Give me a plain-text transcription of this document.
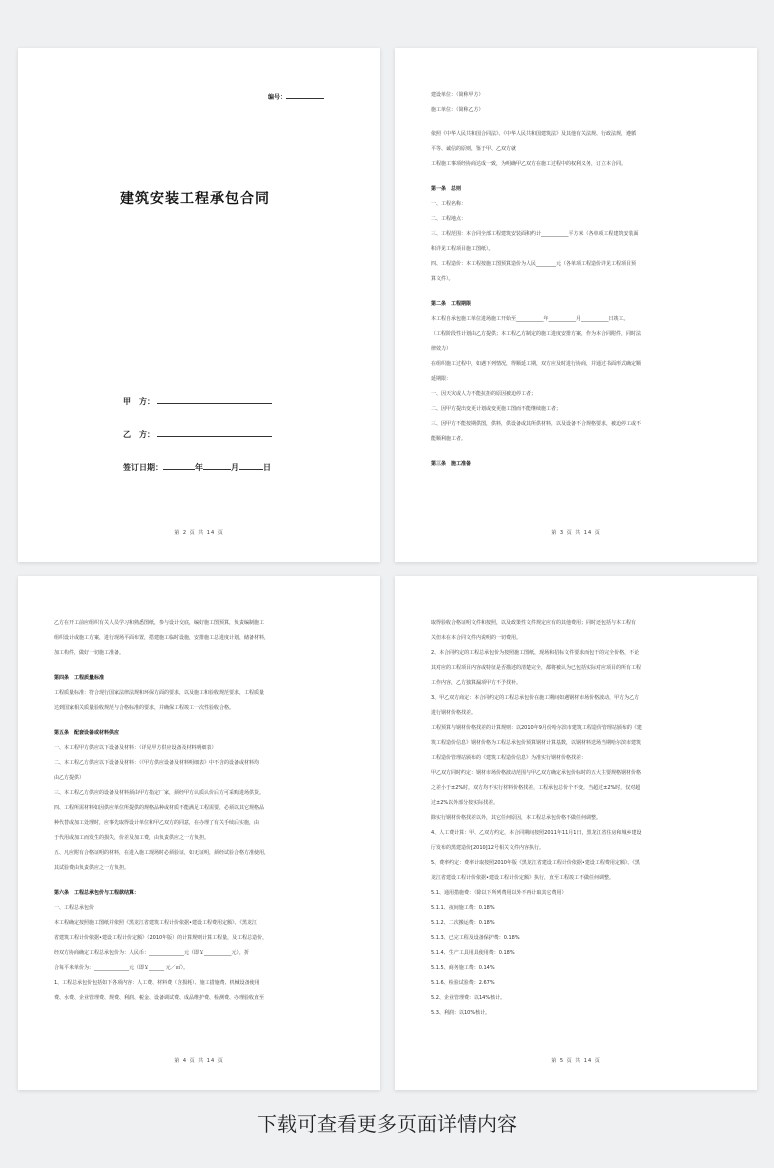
编号：
建筑安装工程承包合同
甲　方：
乙　方：
签订日期：	年	月	日
第 2 页 共 14 页

建设单位：（简称甲方）

施工单位：（简称乙方）

依照《中华人民共和国合同法》、《中华人民共和国建筑法》及其他有关法规、行政法规，遵循

平等、诚信的原则，鉴于甲、乙双方就

工程施工事项经协商达成一致，为明确甲乙双方在施工过程中的权利义务，订立本合同。

第一条　总则

一、工程名称：

二、工程地点：

三、工程范围：本合同全部工程建筑安装面积约计___________平方米（各单项工程建筑安装面

积详见工程项目施工图纸）。

四、工程造价：本工程按施工图预算造价为人民________元（各单项工程造价详见工程项目预

算文件）。

第二条　工程期限

本工程自承包施工单位进场施工开始至___________年___________月___________日竣工。

（工程阶段性计划由乙方提供；本工程乙方制定的施工进度安排方案，作为本合同附件，同时法

律效力）

在组织施工过程中，如遇下列情况，得顺延工期，双方应及时进行协商，并通过书面形式确定顺

延期限：

一、因天灾或人力不能抗拒的原因被迫停工者；

二、因甲方提出变更计划或变更施工图而不能继续施工者；

三、因甲方不能按期供图，供料，供设备或其所供材料，以及设备不合规格要求，被迫停工或不

能顺利施工者。

第三条　施工准备

第 3 页 共 14 页

乙方在开工前应组织有关人员学习和熟悉图纸，参与设计交底，编好施工图预算，负责编制施工

组织设计或施工方案，进行现场平面布置，搭建施工临时设施，安排施工总进度计划，储备材料，

加工构件，做好一切施工准备。

第四条　工程质量标准

工程质量标准：符合现行国家法律法规和环保方面的要求，以及施工和验收规范要求，工程质量

达到国家相关质量验收规范与合格标准的要求，并确保工程竣工一次性验收合格。

第五条　配套设备或材料供应

一、本工程甲方供应以下设备及材料：（详见甲方供应设备及材料明细表）

二、本工程乙方供应以下设备及材料：（《甲方供应设备及材料明细表》中不含的设备或材料均

由乙方提供）

三、本工程乙方供应的设备及材料须由甲方指定厂家，须经甲方认质认价后方可采购进场供货。

四、工程所需材料如因供应单位所提供的规格品种或材质不能满足工程需要，必须以其它规格品

种代替或加工处理时，应事先取得设计单位和甲乙双方的同意，在办理了有关手续后实施，由

于代用或加工而发生的损失，价差及加工费，由负责供应之一方负担。

五、凡应附有合格证明的材料，在进入施工现场时必须验证，如无证明，须经试验合格方准使用，

其试验费由负责供应之一方负担。

第六条　工程总承包价与工程款结算：

一、工程总承包价

本工程确定按照施工图纸并依照《黑龙江省建筑工程计价依据•建设工程费用定额》、《黑龙江

省建筑工程计价依据•建设工程计价定额》（2010年版）的计算规则计算工程量，及工程总造价，

经双方协商确定工程总承包价为：人民币：______________元（即￥___________元），折

合每平米单价为：______________元（即￥______ 元／㎡）。

1、工程总承包价包括如下各项内容：人工费、材料费（含损耗）、施工措施费、机械设备使用

费、水费、企业管理费、规费、利润、税金、设备调试费、成品维护费、检测费、办理验收直至

第 4 页 共 14 页

取得验收合格证明文件和按照，以及政策性文件规定应有的其他费用；同时还包括与本工程有

关但未在本合同文件内说明的一切费用。

2、本合同约定的工程总承包价为按照施工图纸，现场和招标文件要求而包干的完全价格，不论

其对应的工程项目内容或特征是否描述的清楚完全，都将被认为已包括实际对应项目的所有工程

工作内容，乙方独算漏项甲方不予找补。

3、甲乙双方商定：本合同约定的工程总承包价在施工期间如遇钢材市场价格波动，甲方为乙方

进行钢材价格找差。

工程预算与钢材价格找差的计算规则：以2010年9月份哈尔滨市建筑工程造价管理站颁布的《建

筑工程造价信息》钢材价格为工程总承包价预算钢材计算基数，以钢材料送场当期哈尔滨市建筑

工程造价管理站颁布的《建筑工程造价信息》为准实行钢材价格找差：

甲乙双方同时约定：钢材市场价格波动范围与甲乙双方确定承包价标时的五大主要规格钢材价格

之差小于±2%时，双方均不实行材料价格找差，工程承包总价个不变，当超过±2%时，仅对超

过±2%以外部分按实际找差。

除实行钢材价格找差以外，其它任何原因，本工程总承包价格不做任何调整。

4、人工费计算：甲、乙双方约定，本合同期间按照2011年11月1日，黑龙江省住房和城乡建设

厅发布的黑建造价[2010]12号相关文件内容执行。

5、费率约定：费率计取按照2010年版《黑龙江省建设工程计价依据•建设工程费用定额》、《黑

龙江省建设工程计价依据•建设工程计价定额》执行，直至工程竣工不做任何调整。

5.1、通用措施费：（除以下所列费用以外不再计取其它费用）

5.1.1、夜间施工费：0.18%

5.1.2、二次搬运费：0.18%

5.1.3、已完工程及设备保护费：0.18%

5.1.4、生产工具用具使用费：0.18%

5.1.5、商务施工费：0.14%

5.1.6、检验试验费：2.67%

5.2、企业管理费：以14%核计。

5.3、利润：以10%核计。

第 5 页 共 14 页
下载可查看更多页面详情内容
